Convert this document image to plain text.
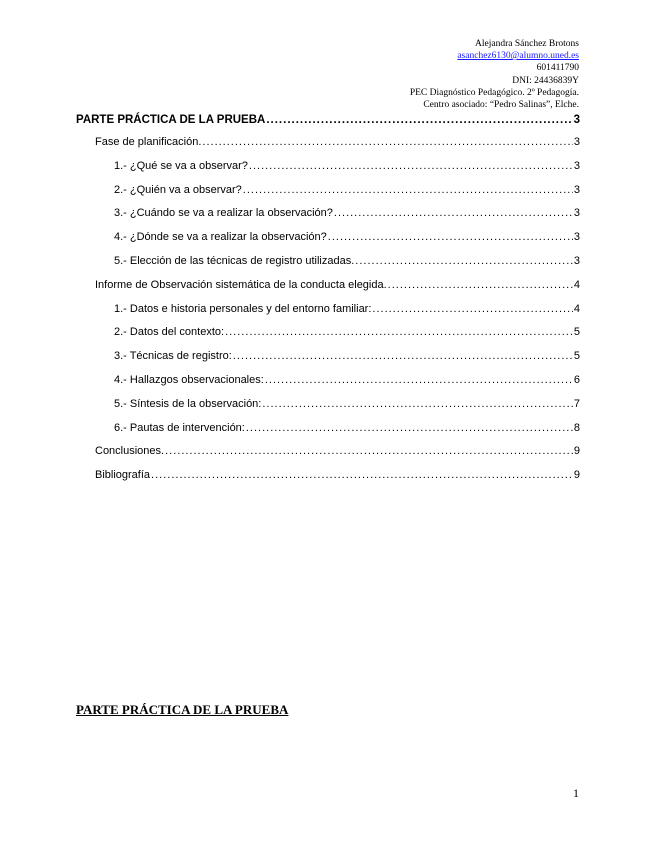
Alejandra Sánchez Brotons
asanchez6130@alumno.uned.es
601411790
DNI: 24436839Y
PEC Diagnóstico Pedagógico. 2º Pedagogía.
Centro asociado: “Pedro Salinas”, Elche.
PARTE PRÁCTICA DE LA PRUEBA .....	3
Fase de planificación. .....	3
1.- ¿Qué se va a observar? .....	3
2.- ¿Quién va a observar? .....	3
3.- ¿Cuándo se va a realizar la observación? .....	3
4.- ¿Dónde se va a realizar la observación? .....	3
5.- Elección de las técnicas de registro utilizadas. .....	3
Informe de Observación sistemática de la conducta elegida. .....	4
1.- Datos e historia personales y del entorno familiar: .....	4
2.- Datos del contexto: .....	5
3.- Técnicas de registro: .....	5
4.- Hallazgos observacionales: .....	6
5.- Síntesis de la observación: .....	7
6.- Pautas de intervención: .....	8
Conclusiones. .....	9
Bibliografía .....	9
PARTE PRÁCTICA DE LA PRUEBA
1
